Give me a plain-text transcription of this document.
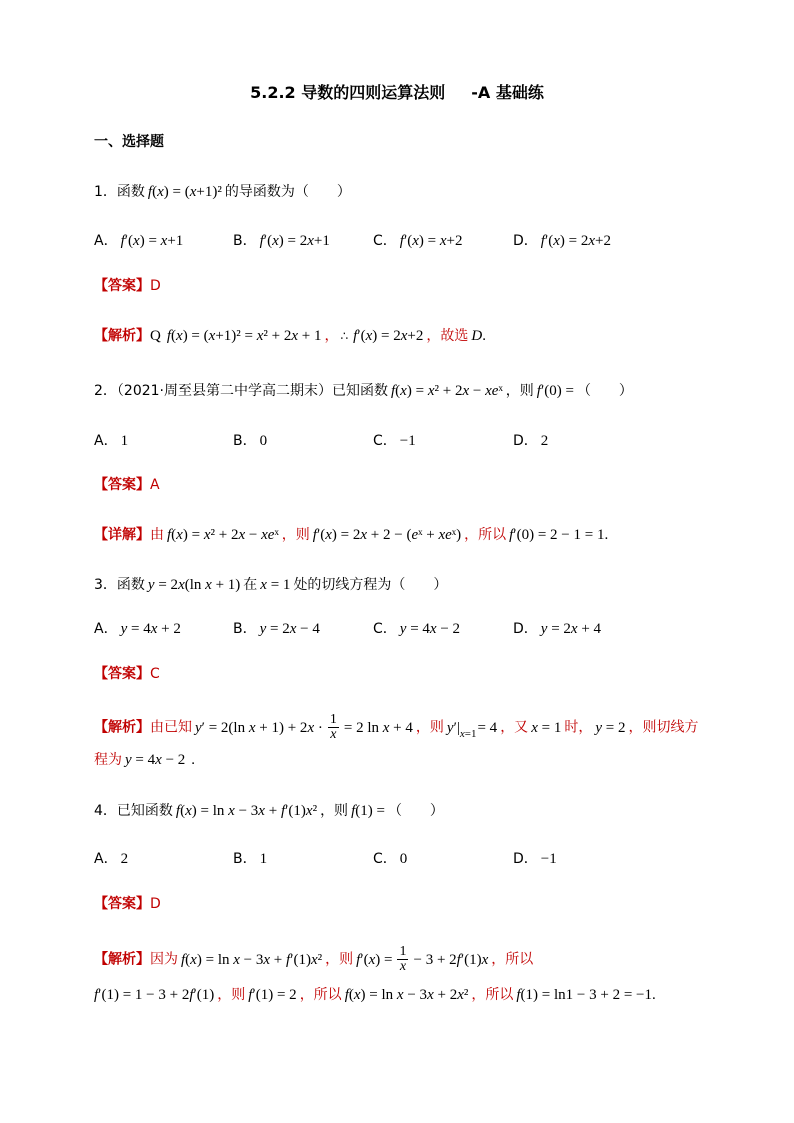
5.2.2 导数的四则运算法则 -A 基础练
一、选择题
1．函数 f(x) = (x+1)² 的导函数为（　　）
A． f′(x) = x+1	B． f′(x) = 2x+1	C． f′(x) = x+2	D． f′(x) = 2x+2
【答案】D
【解析】Q f(x) = (x+1)² = x² + 2x + 1 ， ∴ f′(x) = 2x+2 ，故选 D.
2．（2021·周至县第二中学高二期末）已知函数 f(x) = x² + 2x − xeˣ ，则 f′(0) = （　　）
A． 1	B． 0	C． −1	D． 2
【答案】A
【详解】由 f(x) = x² + 2x − xeˣ ，则 f′(x) = 2x + 2 − (eˣ + xeˣ) ，所以 f′(0) = 2 − 1 = 1.
3．函数 y = 2x(ln x + 1) 在 x = 1 处的切线方程为（　　）
A． y = 4x + 2	B． y = 2x − 4	C． y = 4x − 2	D． y = 2x + 4
【答案】C
【解析】由已知 y′ = 2(ln $x + 1) + 2x \cdot \frac{1}{x} = 2$ ln x + 4 ，则 $y'|_{x=1}= 4$ ，又 x = 1 时， y = 2 ，则切线方
程为 y = 4x − 2 .
4．已知函数 f(x) = ln x − 3x + f′(1)x² ，则 f(1) = （　　）
A． 2	B． 1	C． 0	D． −1
【答案】D
【解析】因为 f(x) = ln x − 3x + f′(1)x² ，则 $f'(x) = \frac{1}{x} - 3 + 2f'(1)x$ ，所以
f′(1) = 1 − 3 + 2f′(1) ，则 f′(1) = 2 ，所以 f(x) = ln x − 3x + 2x² ，所以 f(1) = ln1 − 3 + 2 = −1.
